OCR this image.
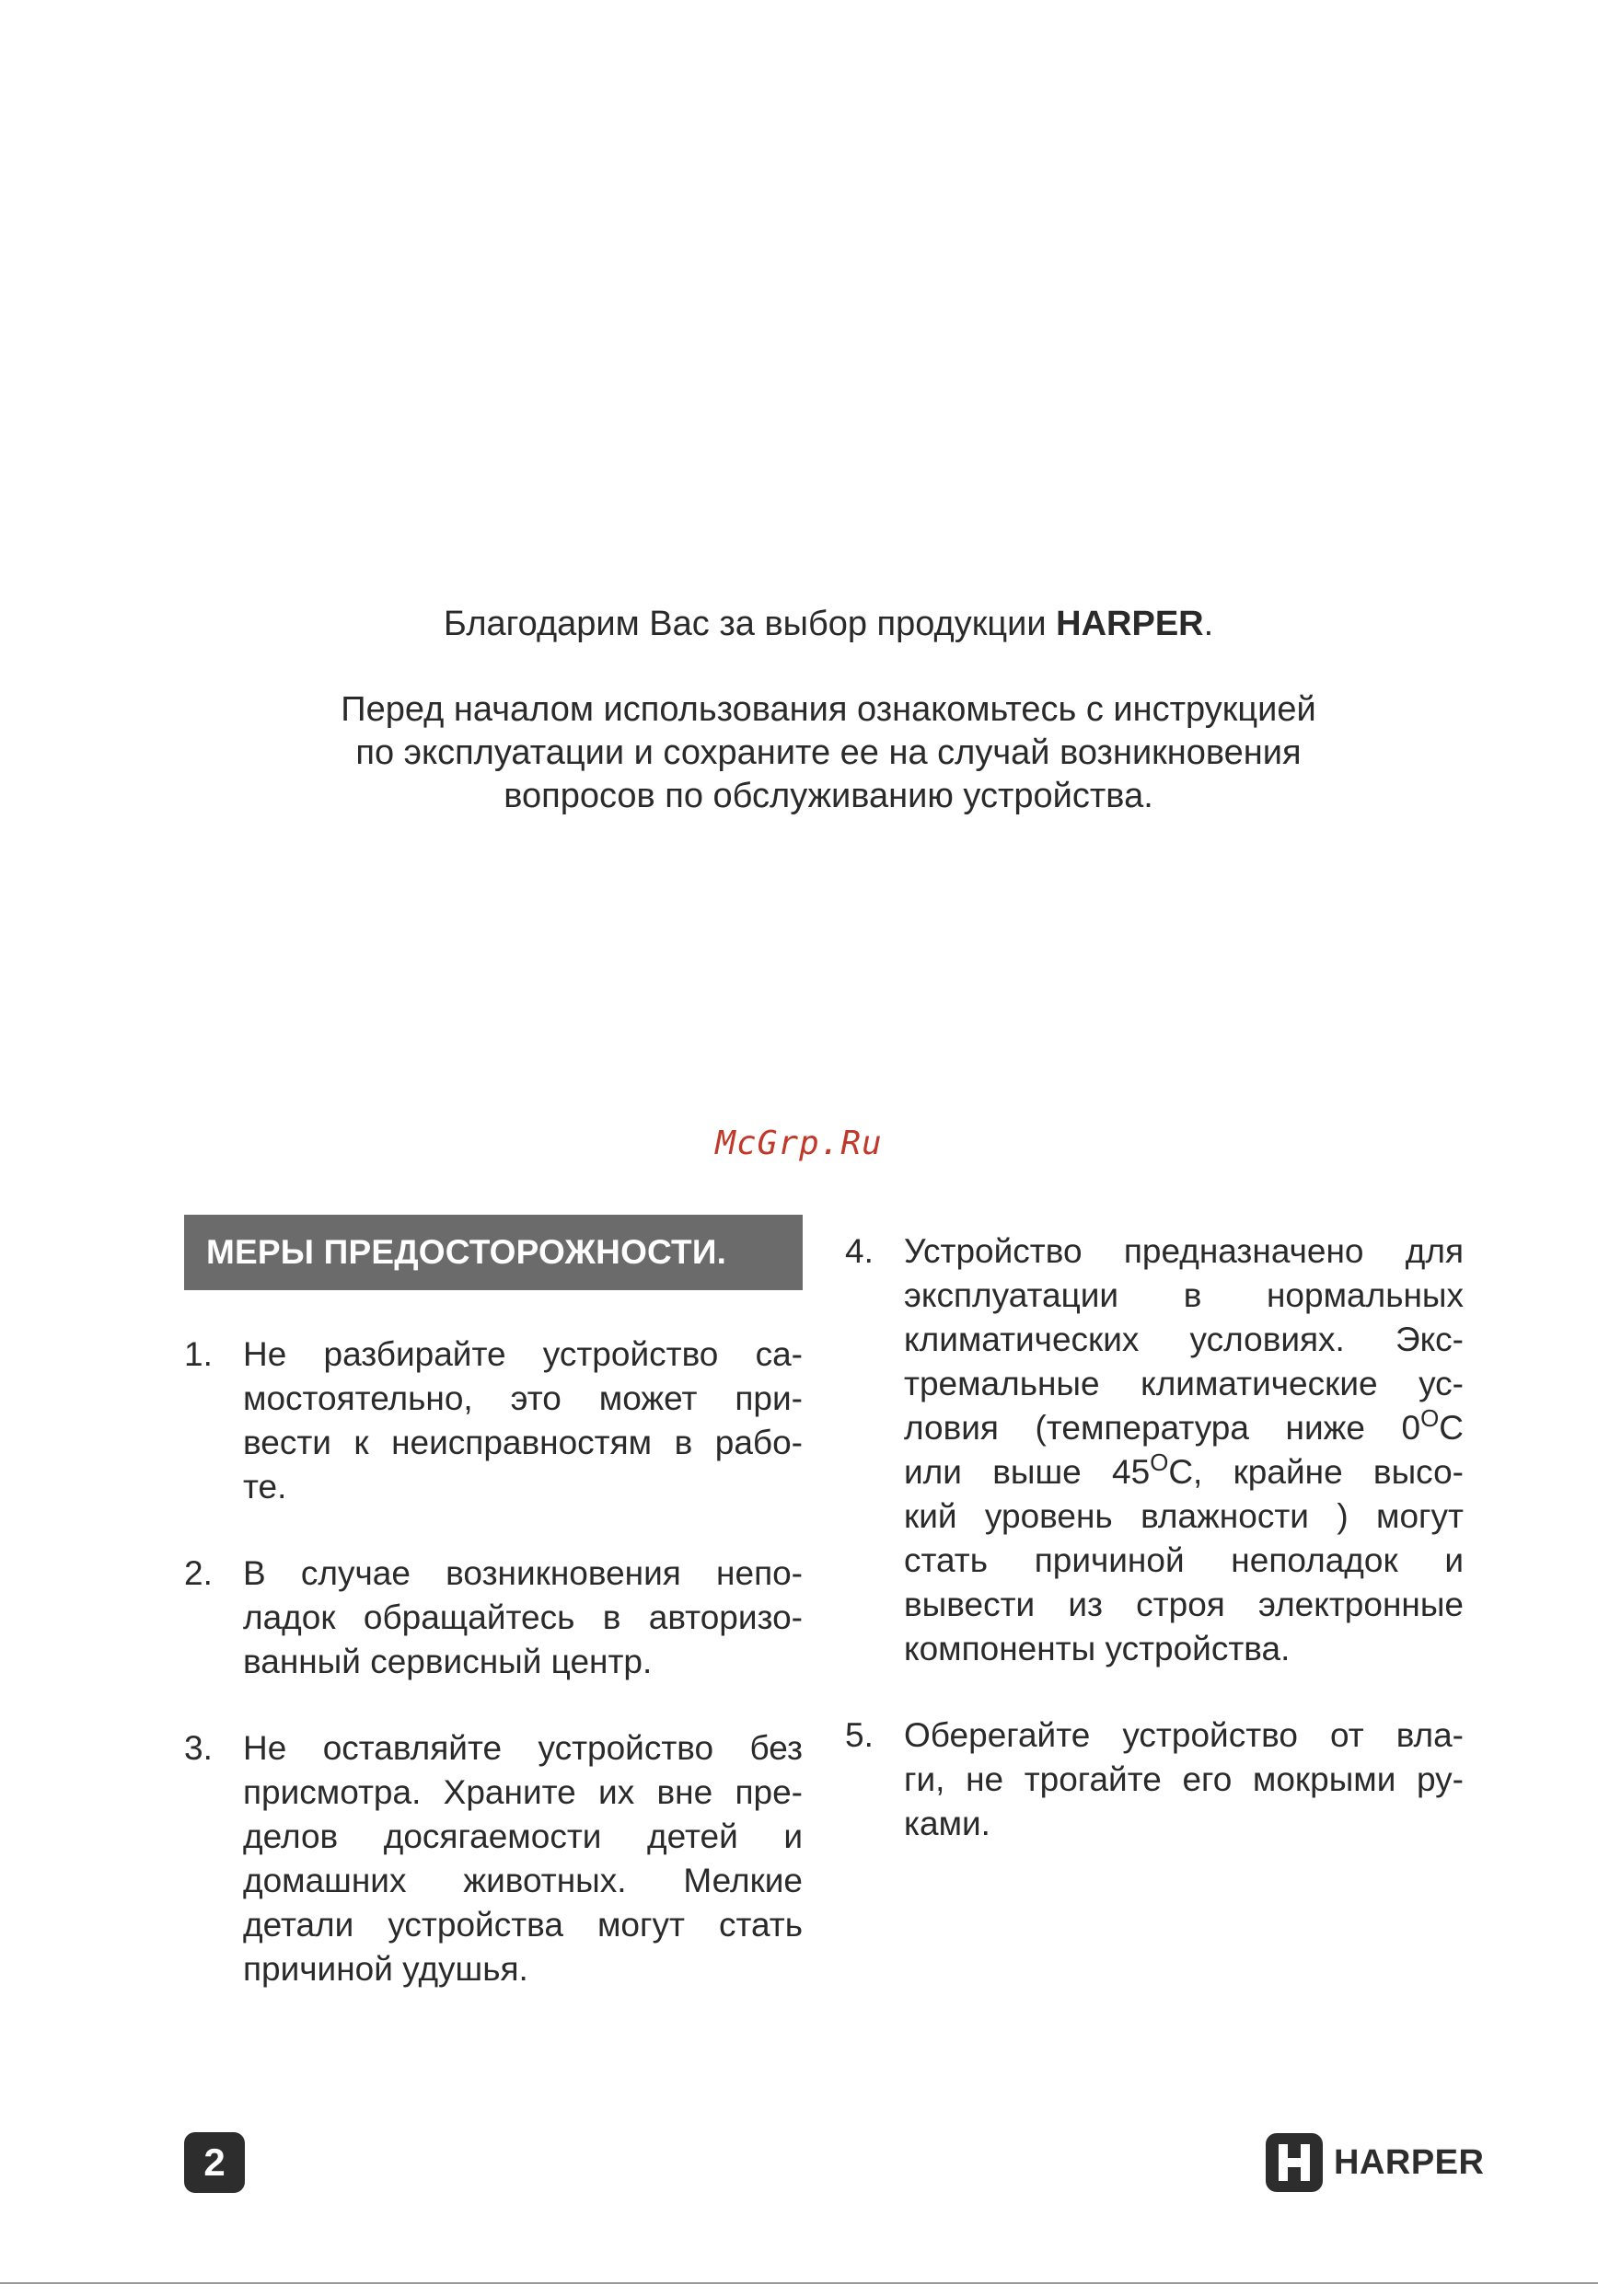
Благодарим Вас за выбор продукции HARPER.

Перед началом использования ознакомьтесь с инструкцией
по эксплуатации и сохраните ее на случай возникновения
вопросов по обслуживанию устройства.

McGrp.Ru
МЕРЫ ПРЕДОСТОРОЖНОСТИ.
1. Не разбирайте устройство са-
мостоятельно, это может при-
вести к неисправностям в рабо-
те.
2. В случае возникновения непо-
ладок обращайтесь в авторизо-
ванный сервисный центр.
3. Не оставляйте устройство без
присмотра. Храните их вне пре-
делов досягаемости детей и
домашних животных. Мелкие
детали устройства могут стать
причиной удушья.
4. Устройство предназначено для
эксплуатации в нормальных
климатических условиях. Экс-
тремальные климатические ус-
ловия (температура ниже $0^OС$
или выше $45^OС$, крайне высо-
кий уровень влажности ) могут
стать причиной неполадок и
вывести из строя электронные
компоненты устройства.
5. Оберегайте устройство от вла-
ги, не трогайте его мокрыми ру-
ками.
2	HARPER
